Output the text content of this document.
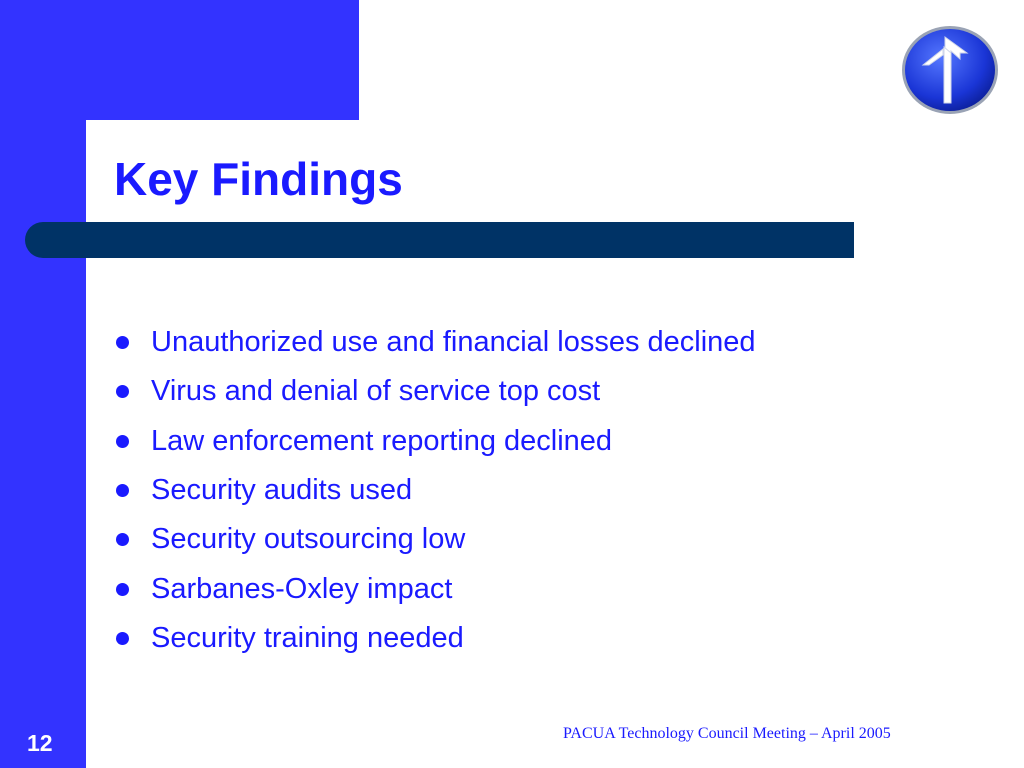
Key Findings
Unauthorized use and financial losses declined
Virus and denial of service top cost
Law enforcement reporting declined
Security audits used
Security outsourcing low
Sarbanes-Oxley impact
Security training needed
PACUA Technology Council Meeting – April 2005
12
